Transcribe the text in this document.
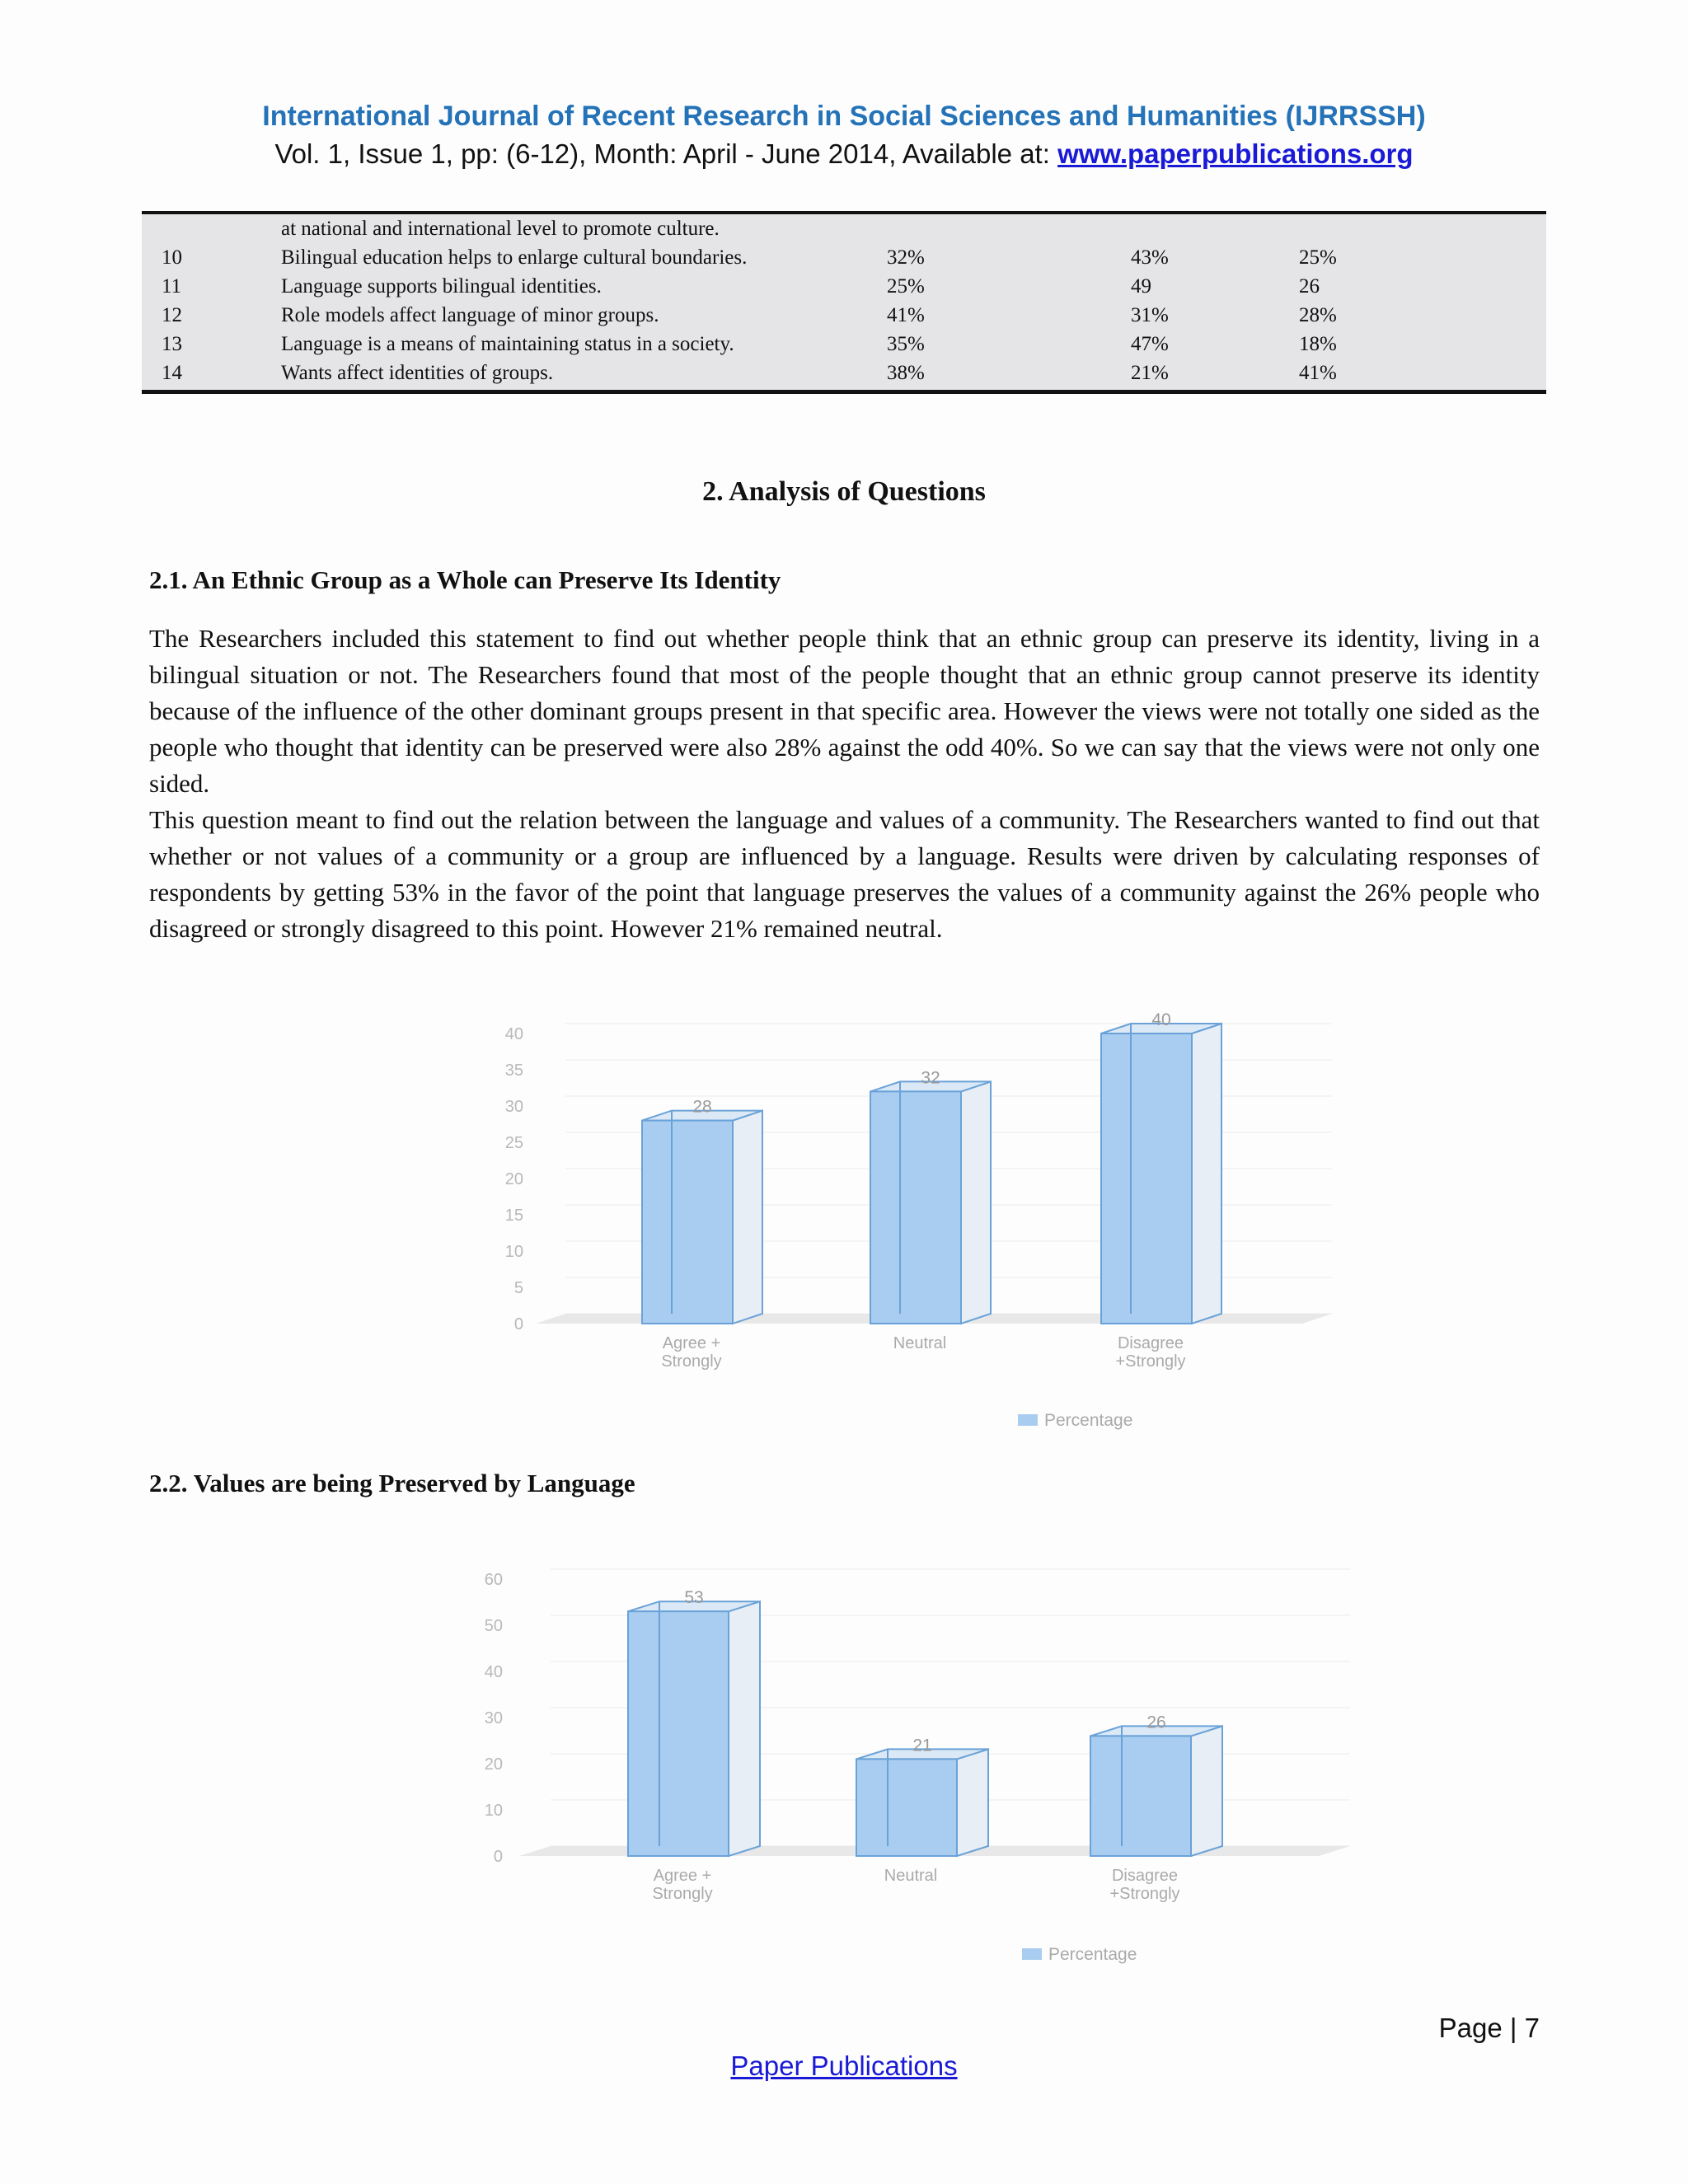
International Journal of Recent Research in Social Sciences and Humanities (IJRRSSH)
Vol. 1, Issue 1, pp: (6-12), Month: April - June 2014, Available at: www.paperpublications.org
	at national and international level to promote culture.			
10	Bilingual education helps to enlarge cultural boundaries.	32%	43%	25%
11	Language supports bilingual identities.	25%	49	26
12	Role models affect language of minor groups.	41%	31%	28%
13	Language is a means of maintaining status in a society.	35%	47%	18%
14	Wants affect identities of groups.	38%	21%	41%
2. Analysis of Questions
2.1. An Ethnic Group as a Whole can Preserve Its Identity

The Researchers included this statement to find out whether people think that an ethnic group can preserve its identity, living in a bilingual situation or not. The Researchers found that most of the people thought that an ethnic group cannot preserve its identity because of the influence of the other dominant groups present in that specific area. However the views were not totally one sided as the people who thought that identity can be preserved were also 28% against the odd 40%. So we can say that the views were not only one sided.

This question meant to find out the relation between the language and values of a community. The Researchers wanted to find out that whether or not values of a community or a group are influenced by a language. Results were driven by calculating responses of respondents by getting 53% in the favor of the point that language preserves the values of a community against the 26% people who disagreed or strongly disagreed to this point. However 21% remained neutral.

0
5
10
15
20
25
30
35
40
28
Agree +
Strongly
32
Neutral
40
Disagree
+Strongly
Percentage
2.2. Values are being Preserved by Language
0
10
20
30
40
50
60
53
Agree +
Strongly
21
Neutral
26
Disagree
+Strongly
Percentage
Page | 7
Paper Publications
